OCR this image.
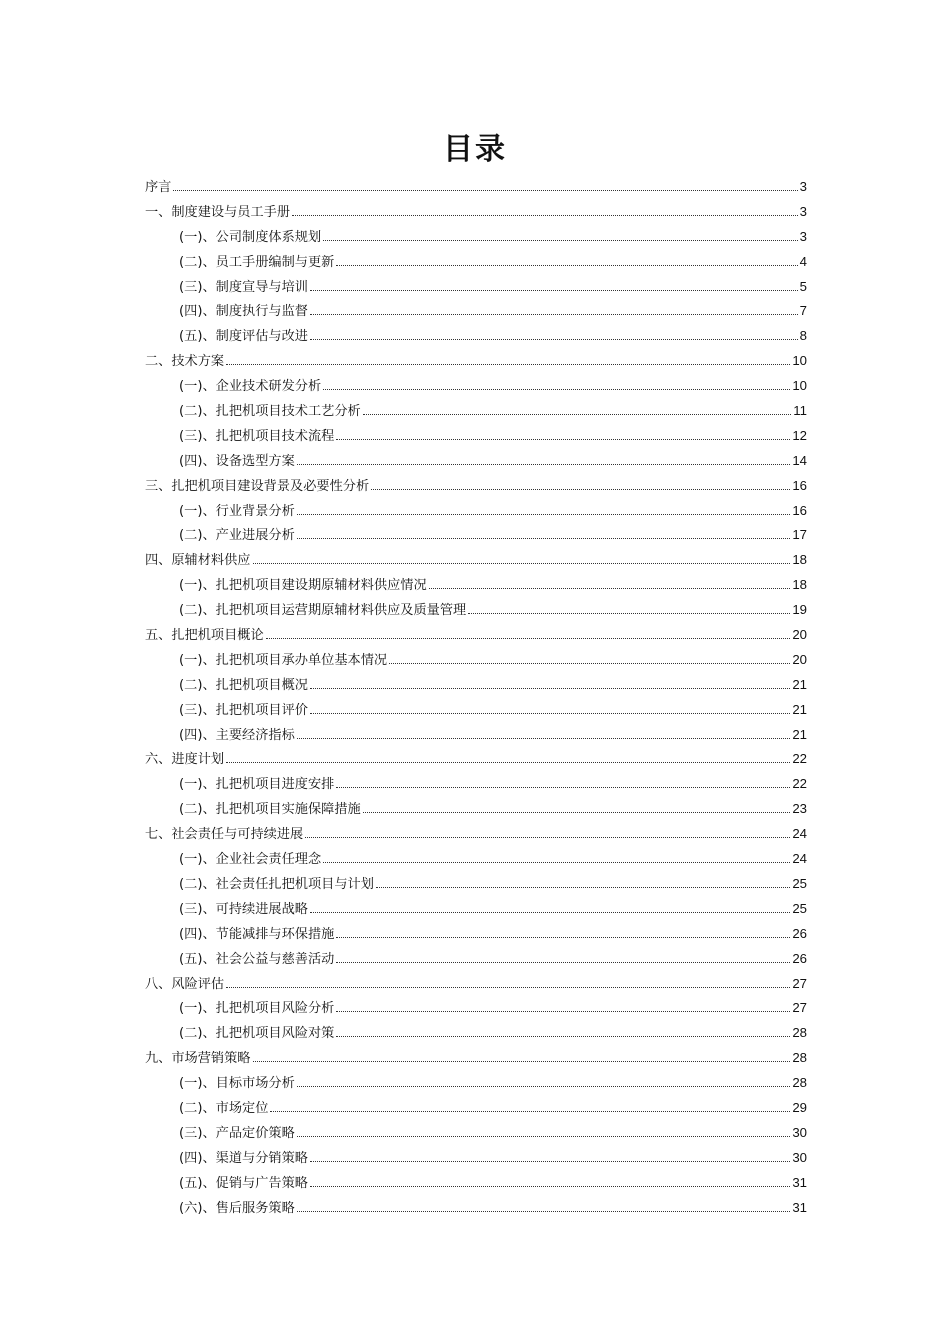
目录
序言	3
一、制度建设与员工手册	3
(一)、公司制度体系规划	3
(二)、员工手册编制与更新	4
(三)、制度宣导与培训	5
(四)、制度执行与监督	7
(五)、制度评估与改进	8
二、技术方案	10
(一)、企业技术研发分析	10
(二)、扎把机项目技术工艺分析	11
(三)、扎把机项目技术流程	12
(四)、设备选型方案	14
三、扎把机项目建设背景及必要性分析	16
(一)、行业背景分析	16
(二)、产业进展分析	17
四、原辅材料供应	18
(一)、扎把机项目建设期原辅材料供应情况	18
(二)、扎把机项目运营期原辅材料供应及质量管理	19
五、扎把机项目概论	20
(一)、扎把机项目承办单位基本情况	20
(二)、扎把机项目概况	21
(三)、扎把机项目评价	21
(四)、主要经济指标	21
六、进度计划	22
(一)、扎把机项目进度安排	22
(二)、扎把机项目实施保障措施	23
七、社会责任与可持续进展	24
(一)、企业社会责任理念	24
(二)、社会责任扎把机项目与计划	25
(三)、可持续进展战略	25
(四)、节能减排与环保措施	26
(五)、社会公益与慈善活动	26
八、风险评估	27
(一)、扎把机项目风险分析	27
(二)、扎把机项目风险对策	28
九、市场营销策略	28
(一)、目标市场分析	28
(二)、市场定位	29
(三)、产品定价策略	30
(四)、渠道与分销策略	30
(五)、促销与广告策略	31
(六)、售后服务策略	31
